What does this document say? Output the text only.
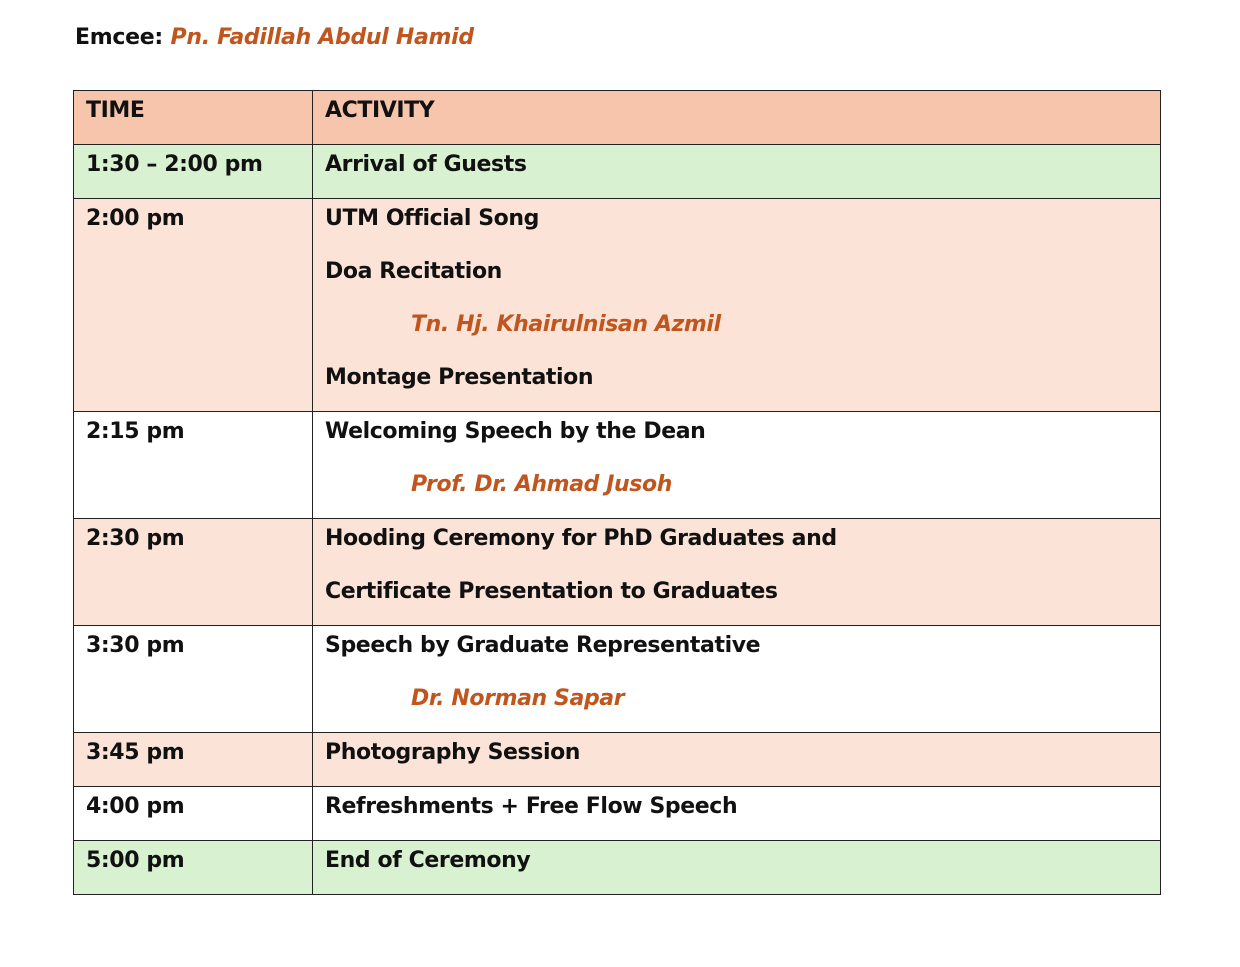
Emcee: Pn. Fadillah Abdul Hamid
TIME	ACTIVITY

1:30 – 2:00 pm	Arrival of Guests

2:00 pm	UTM Official Song
Doa Recitation
Tn. Hj. Khairulnisan Azmil
Montage Presentation

2:15 pm	Welcoming Speech by the Dean
Prof. Dr. Ahmad Jusoh

2:30 pm	Hooding Ceremony for PhD Graduates and
Certificate Presentation to Graduates

3:30 pm	Speech by Graduate Representative
Dr. Norman Sapar

3:45 pm	Photography Session

4:00 pm	Refreshments + Free Flow Speech

5:00 pm	End of Ceremony
